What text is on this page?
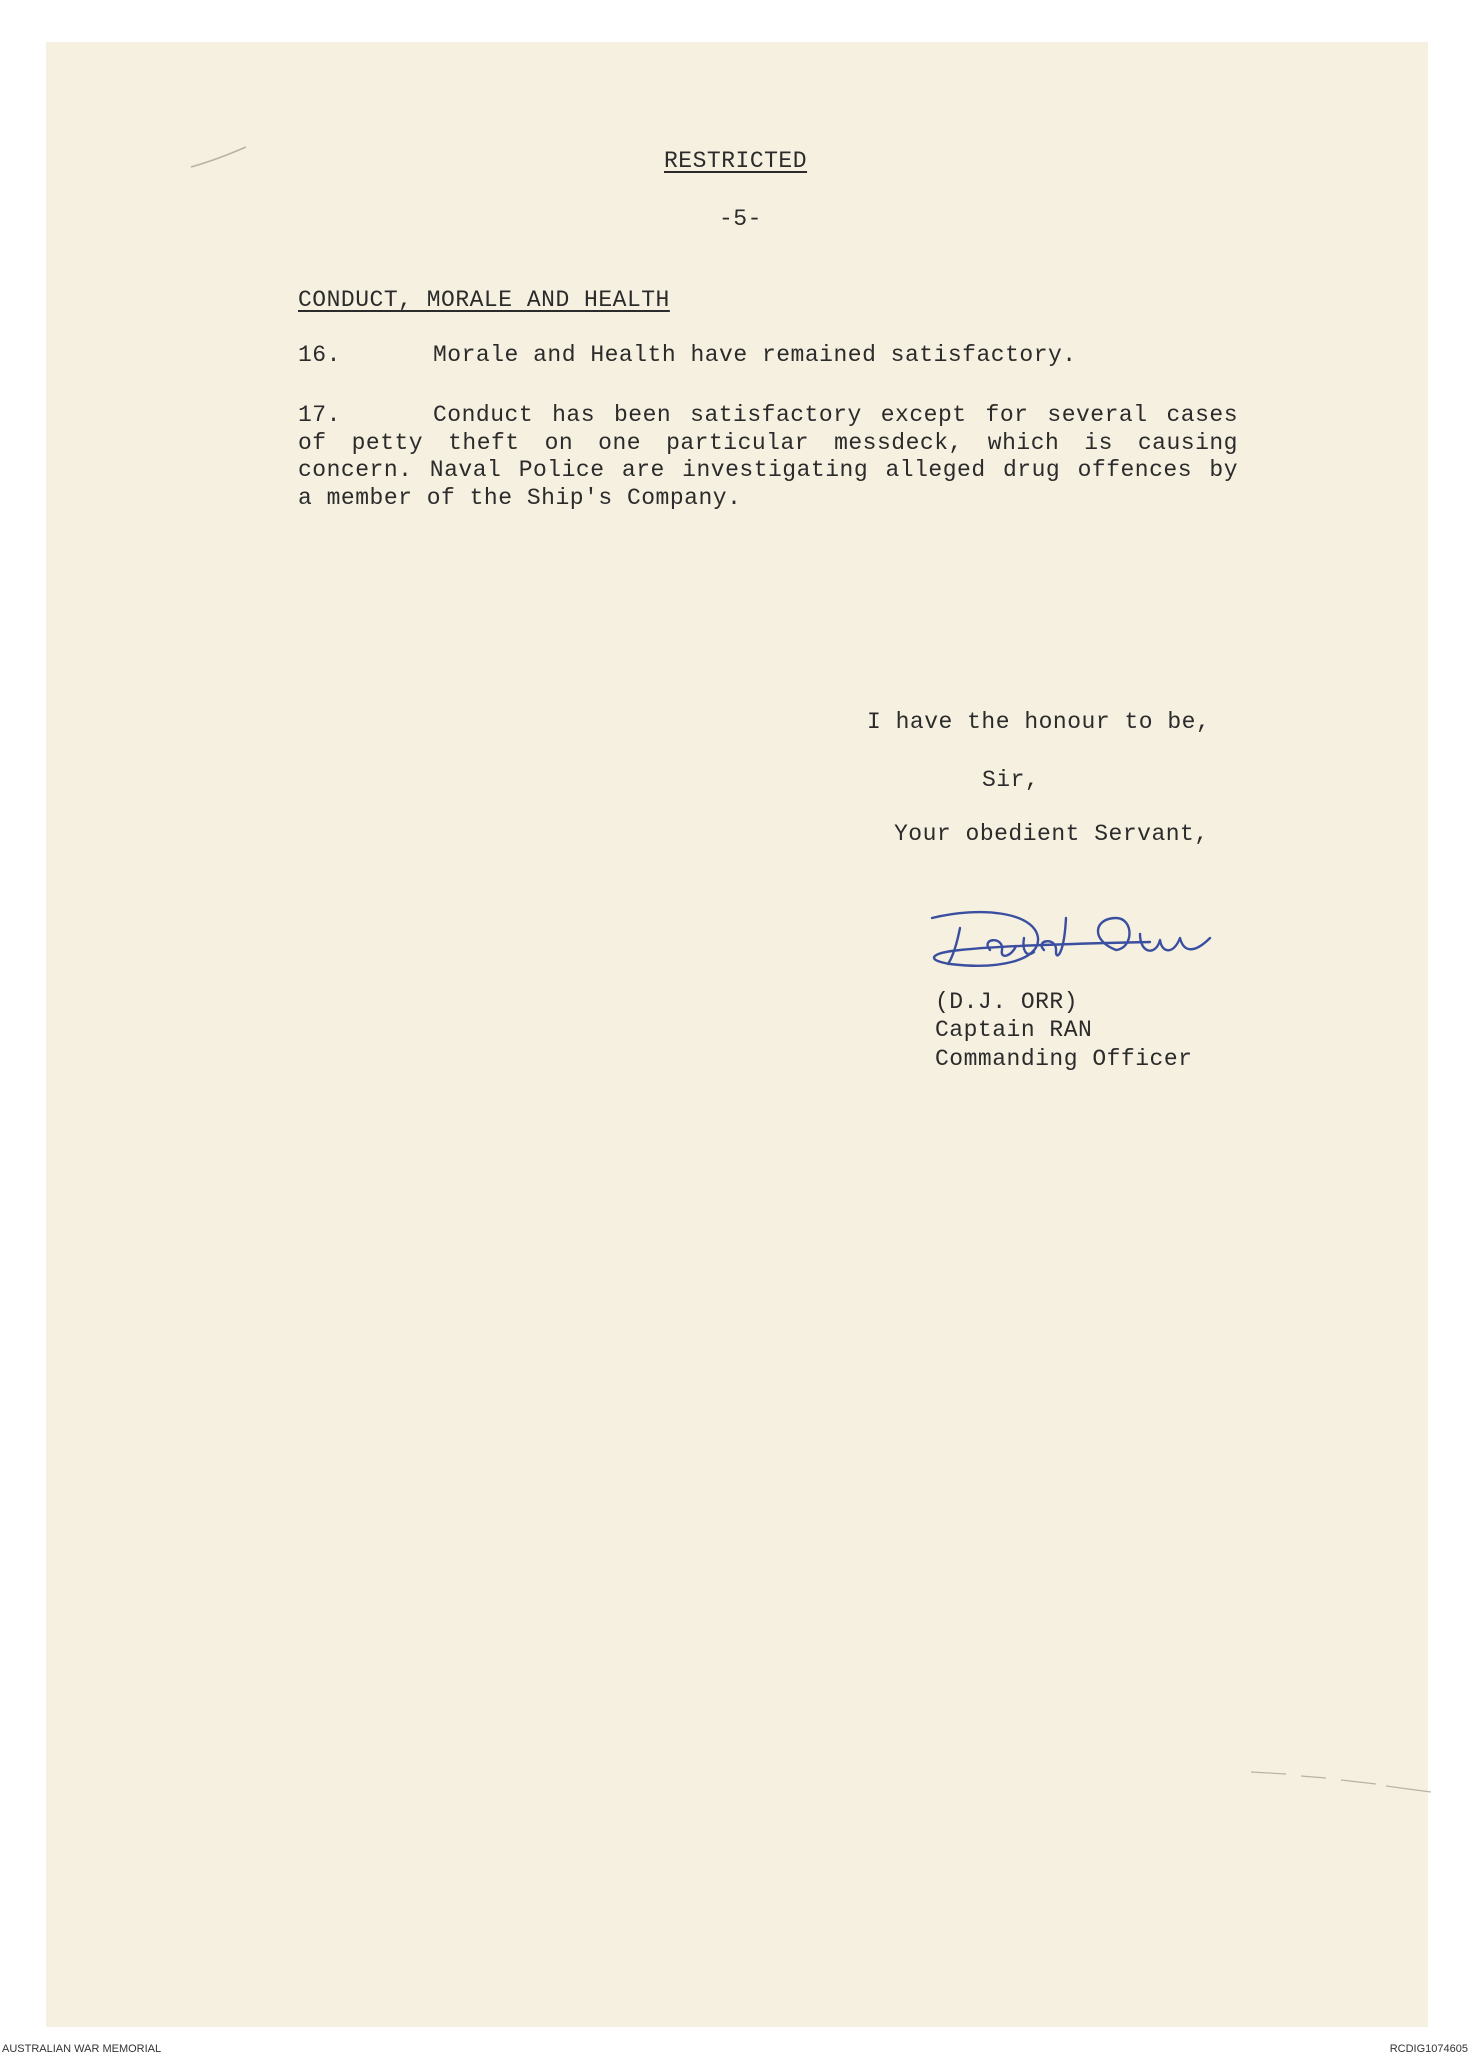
RESTRICTED
-5-
CONDUCT, MORALE AND HEALTH
16.	Morale and Health have remained satisfactory.
17.	Conduct has been satisfactory except for several cases of petty theft on one particular messdeck, which is causing concern. Naval Police are investigating alleged drug offences by a member of the Ship's Company.
I have the honour to be,
Sir,
Your obedient Servant,
(D.J. ORR)
Captain RAN
Commanding Officer
AUSTRALIAN WAR MEMORIAL	RCDIG1074605
